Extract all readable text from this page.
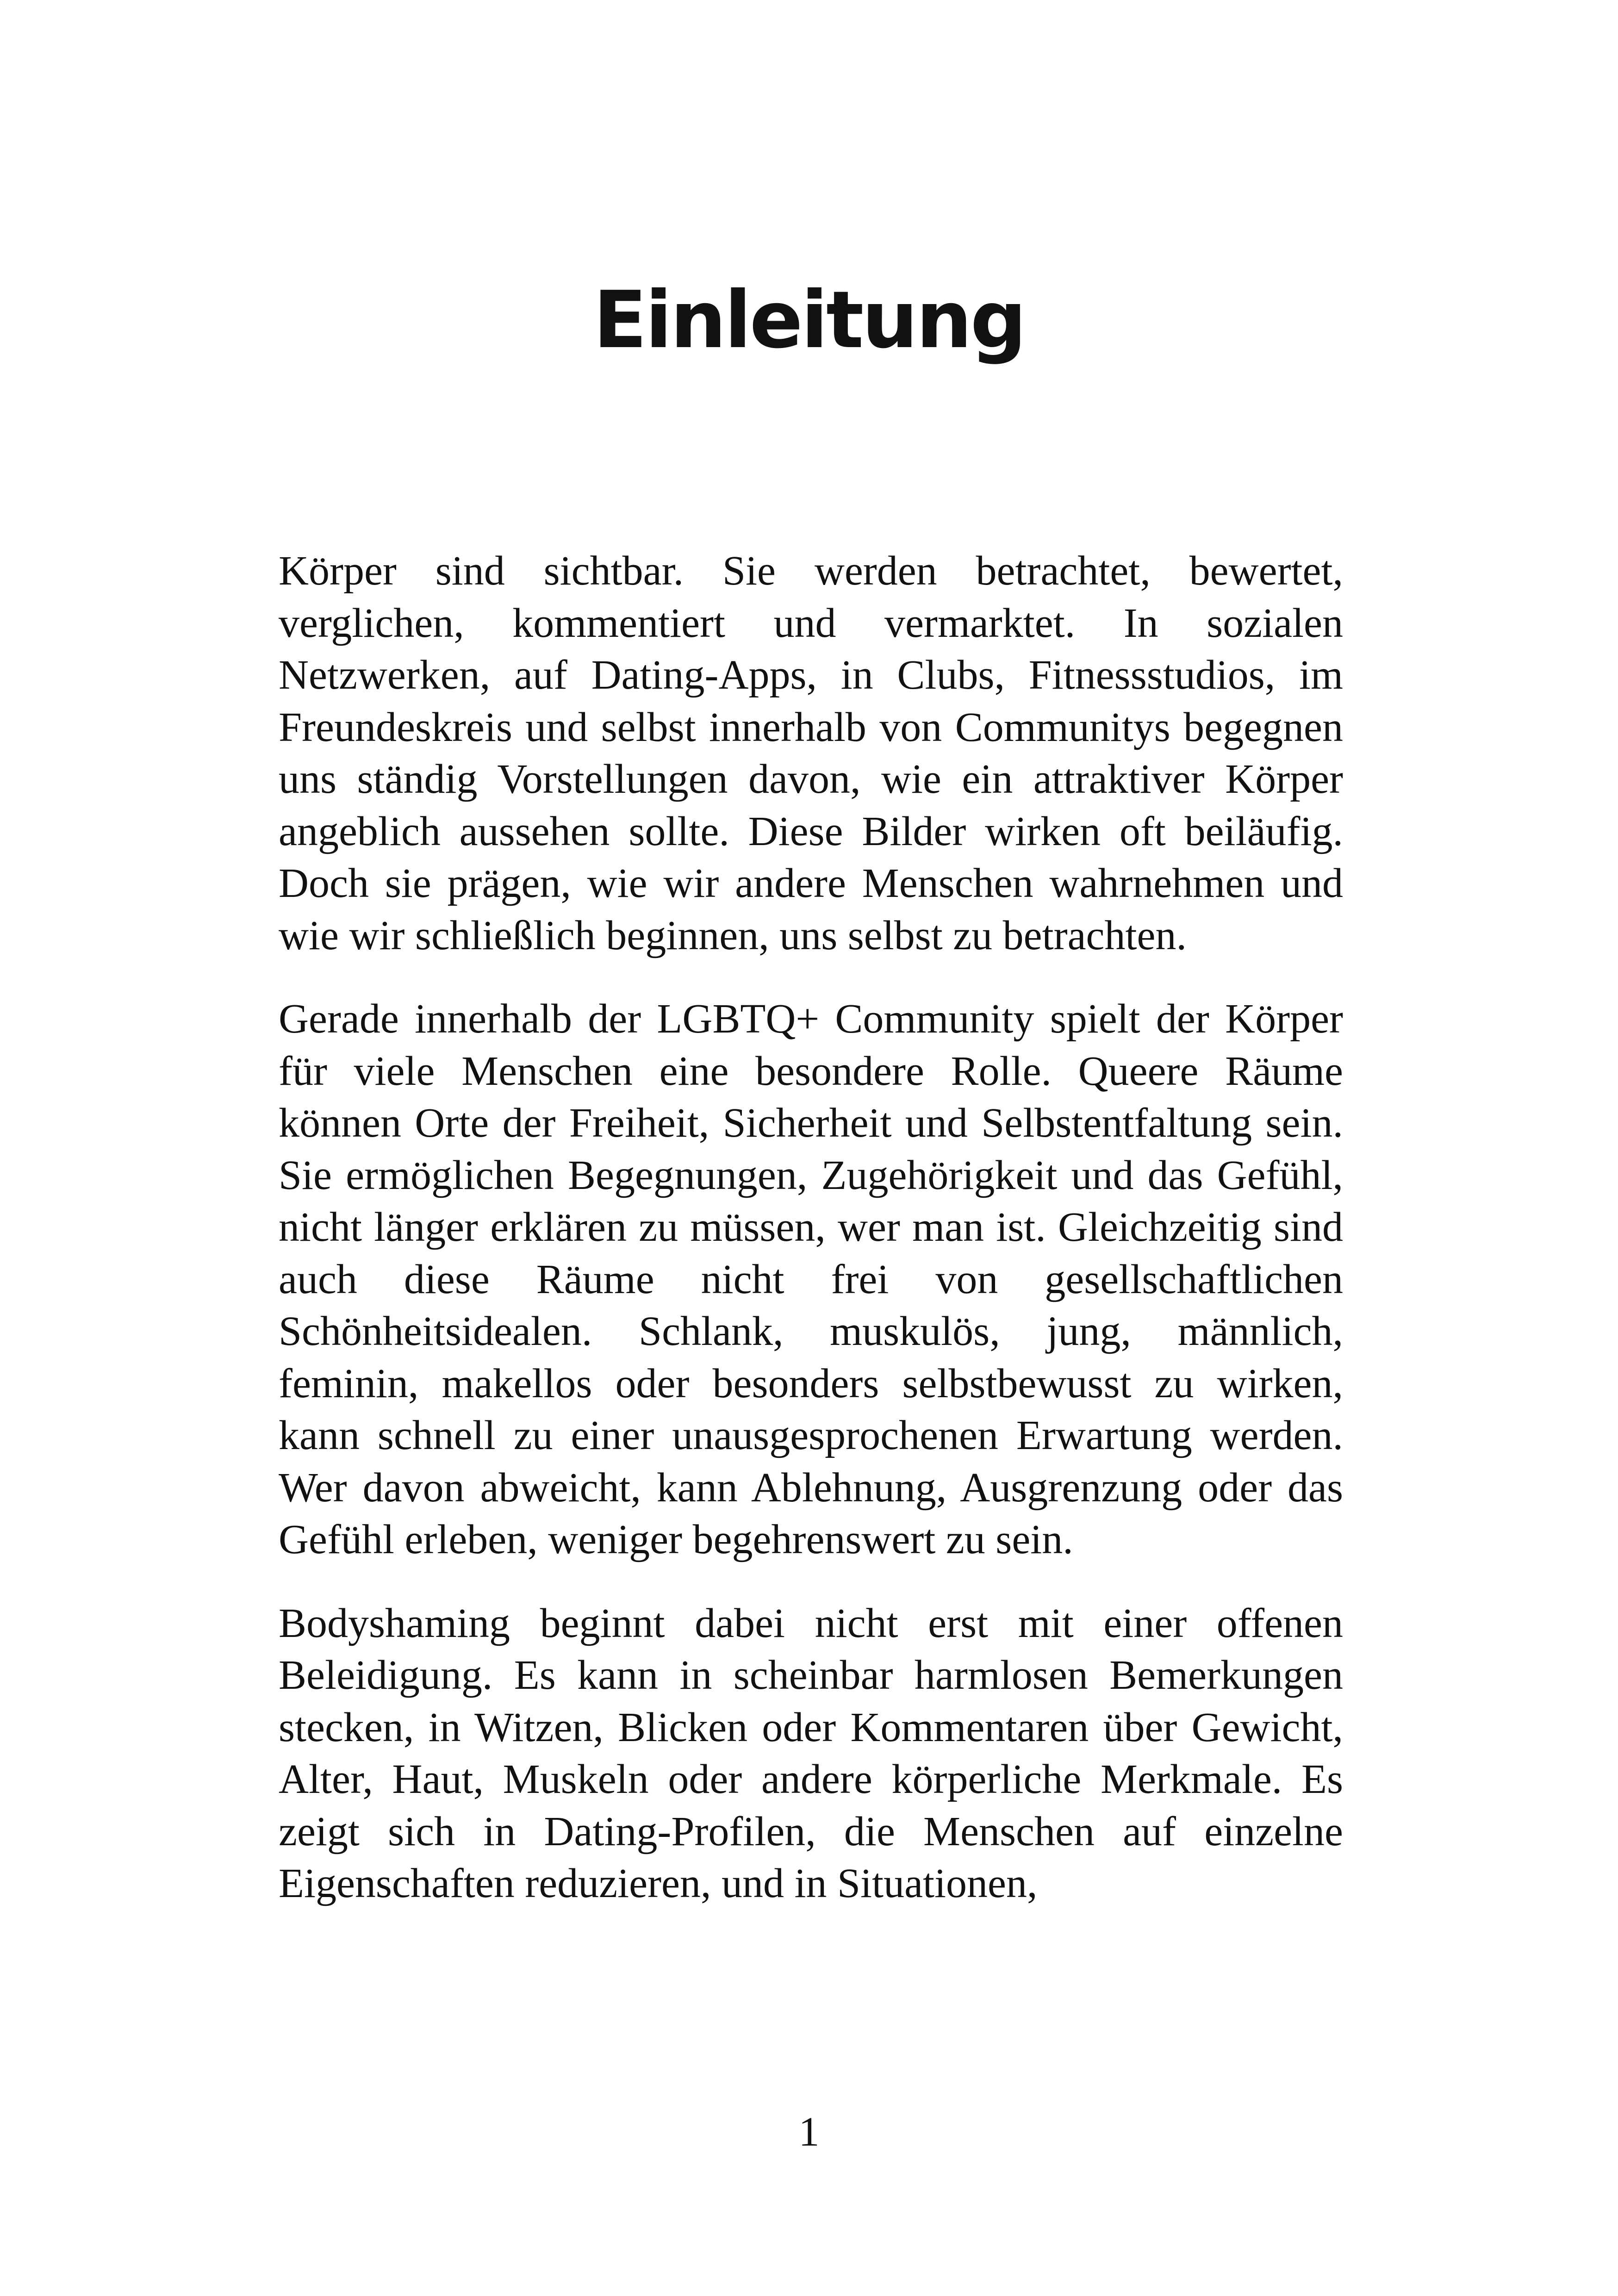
Einleitung

Körper sind sichtbar. Sie werden betrachtet, bewertet, verglichen, kommentiert und vermarktet. In sozialen Netzwerken, auf Dating-Apps, in Clubs, Fitnessstudios, im Freundeskreis und selbst innerhalb von Communitys begegnen uns ständig Vorstellungen davon, wie ein attraktiver Körper angeblich aussehen sollte. Diese Bilder wirken oft beiläufig. Doch sie prägen, wie wir andere Menschen wahrnehmen und wie wir schließlich beginnen, uns selbst zu betrachten.

Gerade innerhalb der LGBTQ+ Community spielt der Körper für viele Menschen eine besondere Rolle. Queere Räume können Orte der Freiheit, Sicherheit und Selbstentfaltung sein. Sie ermöglichen Begegnungen, Zugehörigkeit und das Gefühl, nicht länger erklären zu müssen, wer man ist. Gleichzeitig sind auch diese Räume nicht frei von gesellschaftlichen Schönheitsidealen. Schlank, muskulös, jung, männlich, feminin, makellos oder besonders selbstbewusst zu wirken, kann schnell zu einer unausgesprochenen Erwartung werden. Wer davon abweicht, kann Ablehnung, Ausgrenzung oder das Gefühl erleben, weniger begehrenswert zu sein.

Bodyshaming beginnt dabei nicht erst mit einer offenen Beleidigung. Es kann in scheinbar harmlosen Bemerkungen stecken, in Witzen, Blicken oder Kommentaren über Gewicht, Alter, Haut, Muskeln oder andere körperliche Merkmale. Es zeigt sich in Dating-Profilen, die Menschen auf einzelne Eigenschaften reduzieren, und in Situationen,

1
